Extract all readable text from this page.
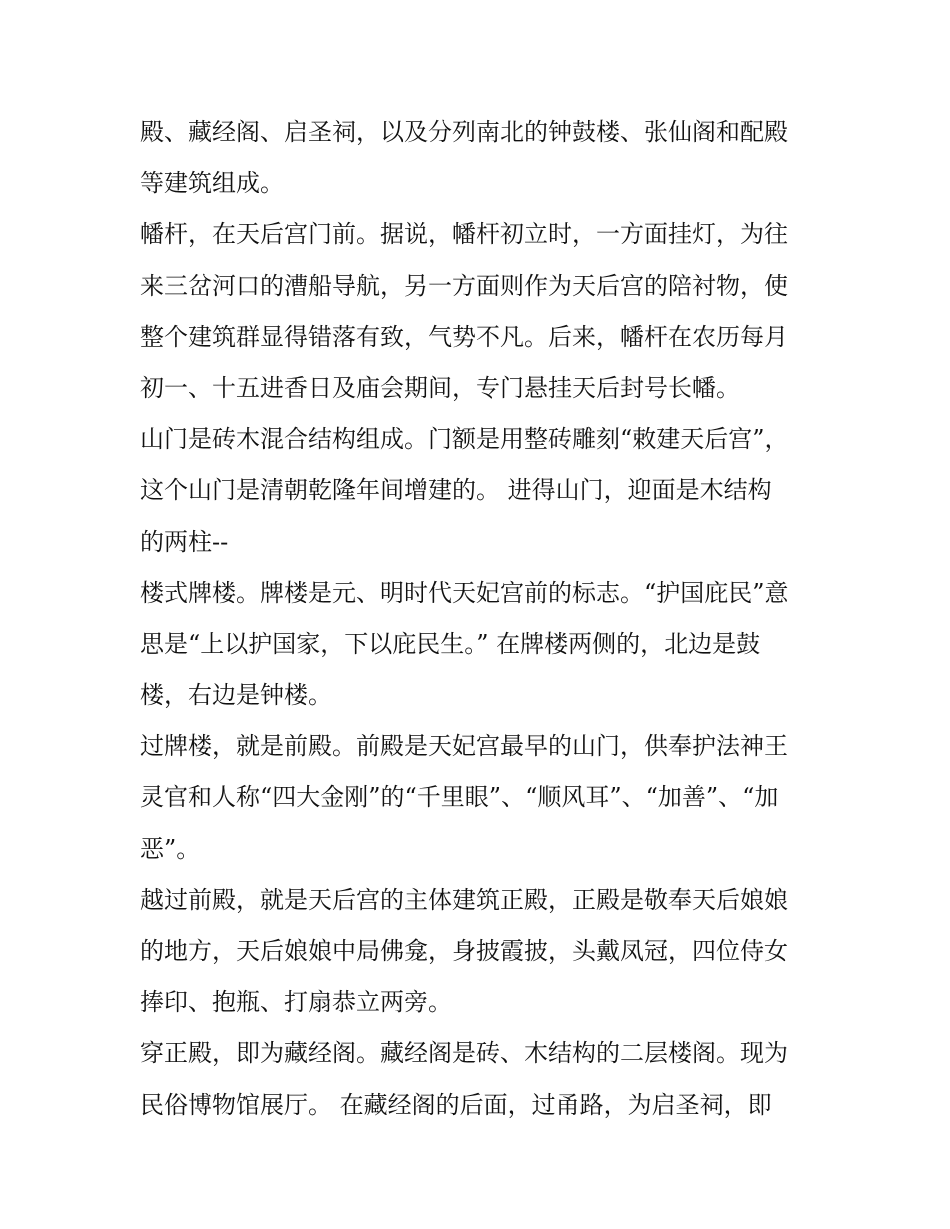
殿、藏经阁、启圣祠，以及分列南北的钟鼓楼、张仙阁和配殿
等建筑组成。
幡杆，在天后宫门前。据说，幡杆初立时，一方面挂灯，为往
来三岔河口的漕船导航，另一方面则作为天后宫的陪衬物，使
整个建筑群显得错落有致，气势不凡。后来，幡杆在农历每月
初一、十五进香日及庙会期间，专门悬挂天后封号长幡。
山门是砖木混合结构组成。门额是用整砖雕刻“敕建天后宫”，
这个山门是清朝乾隆年间增建的。 进得山门，迎面是木结构
的两柱--
楼式牌楼。牌楼是元、明时代天妃宫前的标志。“护国庇民”意
思是“上以护国家，下以庇民生。” 在牌楼两侧的，北边是鼓
楼，右边是钟楼。
过牌楼，就是前殿。前殿是天妃宫最早的山门，供奉护法神王
灵官和人称“四大金刚”的“千里眼”、“顺风耳”、“加善”、“加
恶”。
越过前殿，就是天后宫的主体建筑正殿，正殿是敬奉天后娘娘
的地方，天后娘娘中局佛龛，身披霞披，头戴凤冠，四位侍女
捧印、抱瓶、打扇恭立两旁。
穿正殿，即为藏经阁。藏经阁是砖、木结构的二层楼阁。现为
民俗博物馆展厅。 在藏经阁的后面，过甬路，为启圣祠，即
